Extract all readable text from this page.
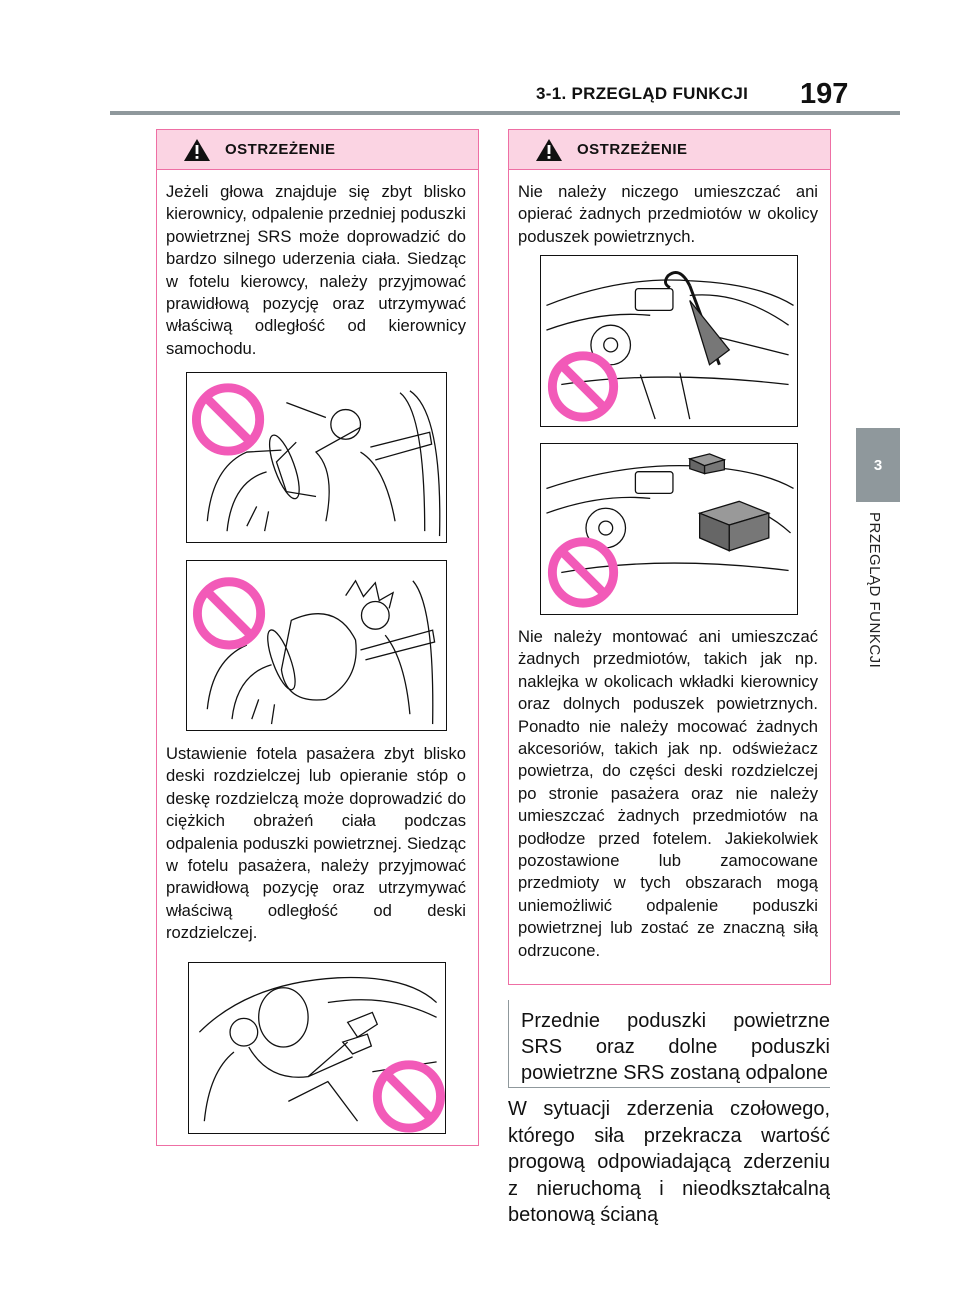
3-1. PRZEGLĄD FUNKCJI 197
3
PRZEGLĄD FUNKCJI
OSTRZEŻENIE

Jeżeli głowa znajduje się zbyt blisko kierownicy, odpalenie przedniej poduszki powietrznej SRS może doprowadzić do bardzo silnego uderzenia ciała. Siedząc w fotelu kierowcy, należy przyjmować prawidłową pozycję oraz utrzymywać właściwą odległość od kierownicy samochodu.

Ustawienie fotela pasażera zbyt blisko deski rozdzielczej lub opieranie stóp o deskę rozdzielczą może doprowadzić do ciężkich obrażeń ciała podczas odpalenia poduszki powietrznej. Siedząc w fotelu pasażera, należy przyjmować prawidłową pozycję oraz utrzymywać właściwą odległość od deski rozdzielczej.

OSTRZEŻENIE

Nie należy niczego umieszczać ani opierać żadnych przedmiotów w okolicy poduszek powietrznych.

Nie należy montować ani umieszczać żadnych przedmiotów, takich jak np. naklejka w okolicach wkładki kierownicy oraz dolnych poduszek powietrznych. Ponadto nie należy mocować żadnych akcesoriów, takich jak np. odświeżacz powietrza, do części deski rozdzielczej po stronie pasażera oraz nie należy umieszczać żadnych przedmiotów na podłodze przed fotelem. Jakiekolwiek pozostawione lub zamocowane przedmioty w tych obszarach mogą uniemożliwić odpalenie poduszki powietrznej lub zostać ze znaczną siłą odrzucone.

Przednie poduszki powietrzne SRS oraz dolne poduszki powietrzne SRS zostaną odpalone

W sytuacji zderzenia czołowego, którego siła przekracza wartość progową odpowiadającą zderzeniu z nieruchomą i nieodkształcalną betonową ścianą
